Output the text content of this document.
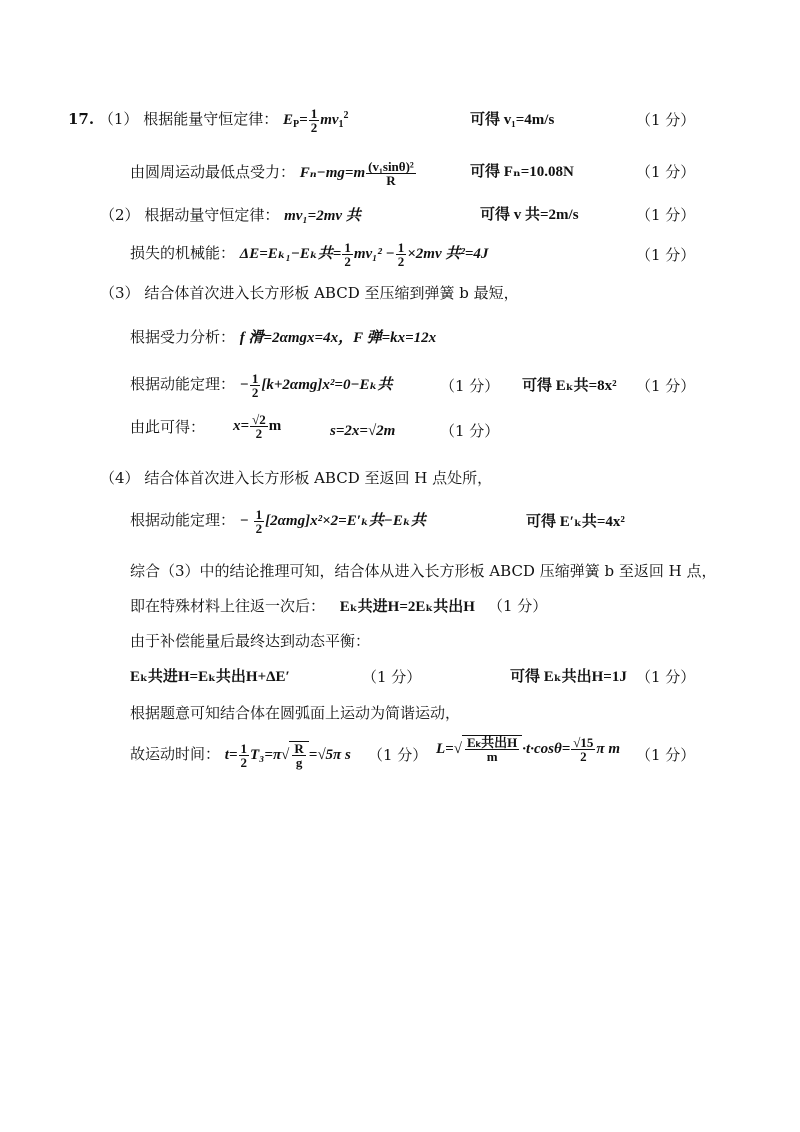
17. （1） 根据能量守恒定律： $E_P= \frac{1}{2} mv_1^2$	可得 v₁=4m/s	（1 分）
由圆周运动最低点受力： $F_n-mg=m \frac{\text{(v₁sinθ)²}}{R}$	可得 Fₙ=10.08N	（1 分）
（2） 根据动量守恒定律： mv₁=2mv 共	可得 v 共=2m/s	（1 分）
损失的机械能： ΔE=Eₖ₁−Eₖ共= $\frac{1}{2} mv_1^2 - \frac{1}{2} \times 2mv$ 共²=4J	（1 分）
（3） 结合体首次进入长方形板 ABCD 至压缩到弹簧 b 最短，
根据受力分析： f 滑=2αmgx=4x，F 弹=kx=12x
根据动能定理： − $\frac{1}{2} [k+2\alpha mg]x^2=0-E_k$共	（1 分） 可得 Eₖ共=8x² （1 分）
由此可得： $x= \frac{√2}{2}$ m	s=2x=√2m	（1 分）
（4） 结合体首次进入长方形板 ABCD 至返回 H 点处所，
根据动能定理： − $\frac{1}{2} [2\alpha mg]x^2\times 2=E'_k$共−Eₖ共	可得 E′ₖ共=4x²
综合（3）中的结论推理可知，结合体从进入长方形板 ABCD 压缩弹簧 b 至返回 H 点，
即在特殊材料上往返一次后： Eₖ共进H=2Eₖ共出H （1 分）
由于补偿能量后最终达到动态平衡：
Eₖ共进H=Eₖ共出H+ΔE′	（1 分）	可得 Eₖ共出H=1J （1 分）
根据题意可知结合体在圆弧面上运动为简谐运动，
故运动时间： $t= \frac{1}{2} T_3=\pi√ \frac{R}{g} =√5\pi$ s （1 分） $L=√ \frac{\text{Eₖ共出H}}{m} \cdot t\cdot\cos\theta= \frac{√15}{2}$ π m （1 分）
